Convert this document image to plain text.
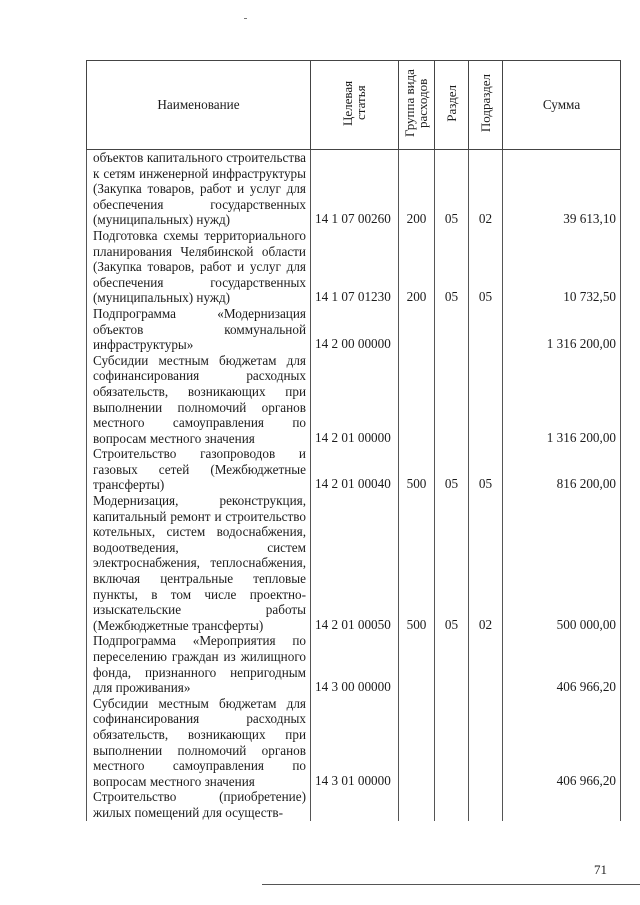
Наименование	Целевая статья	Группа вида расходов	Раздел	Подраздел	Сумма
объектов капитального строительства к сетям инженерной инфраструктуры (Закупка товаров, работ и услуг для обеспечения государственных (муниципальных) нужд)	14 1 07 00260	200	05	02	39 613,10
Подготовка схемы территориального планирования Челябинской области (Закупка товаров, работ и услуг для обеспечения государственных (муниципальных) нужд)	14 1 07 01230	200	05	05	10 732,50
Подпрограмма «Модернизация объектов коммунальной инфраструктуры»	14 2 00 00000				1 316 200,00
Субсидии местным бюджетам для софинансирования расходных обязательств, возникающих при выполнении полномочий органов местного самоуправления по вопросам местного значения	14 2 01 00000				1 316 200,00
Строительство газопроводов и газовых сетей (Межбюджетные трансферты)	14 2 01 00040	500	05	05	816 200,00
Модернизация, реконструкция, капитальный ремонт и строительство котельных, систем водоснабжения, водоотведения, систем электроснабжения, теплоснабжения, включая центральные тепловые пункты, в том числе проектно-изыскательские работы (Межбюджетные трансферты)	14 2 01 00050	500	05	02	500 000,00
Подпрограмма «Мероприятия по переселению граждан из жилищного фонда, признанного непригодным для проживания»	14 3 00 00000				406 966,20
Субсидии местным бюджетам для софинансирования расходных обязательств, возникающих при выполнении полномочий органов местного самоуправления по вопросам местного значения	14 3 01 00000				406 966,20
Строительство (приобретение) жилых помещений для осуществ-					
71
